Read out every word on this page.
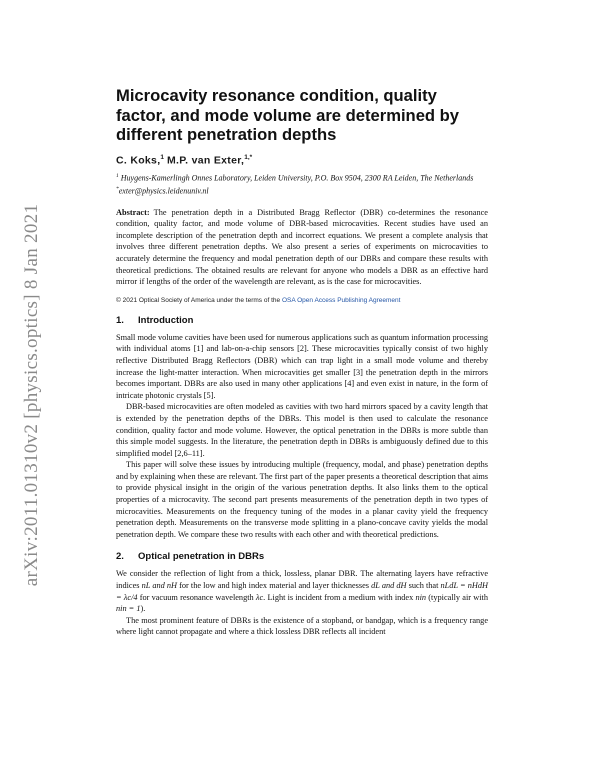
arXiv:2011.01310v2 [physics.optics] 8 Jan 2021
Microcavity resonance condition, quality factor, and mode volume are determined by different penetration depths
C. Koks,$^1$ M.P. van Exter,$^{1,*}$
$^1$ Huygens-Kamerlingh Onnes Laboratory, Leiden University, P.O. Box 9504, 2300 RA Leiden, The Netherlands
*exter@physics.leidenuniv.nl

Abstract: The penetration depth in a Distributed Bragg Reflector (DBR) co-determines the resonance condition, quality factor, and mode volume of DBR-based microcavities. Recent studies have used an incomplete description of the penetration depth and incorrect equations. We present a complete analysis that involves three different penetration depths. We also present a series of experiments on microcavities to accurately determine the frequency and modal penetration depth of our DBRs and compare these results with theoretical predictions. The obtained results are relevant for anyone who models a DBR as an effective hard mirror if lengths of the order of the wavelength are relevant, as is the case for microcavities.

© 2021 Optical Society of America under the terms of the OSA Open Access Publishing Agreement
1. Introduction

Small mode volume cavities have been used for numerous applications such as quantum information processing with individual atoms [1] and lab-on-a-chip sensors [2]. These microcavities typically consist of two highly reflective Distributed Bragg Reflectors (DBR) which can trap light in a small mode volume and thereby increase the light-matter interaction. When microcavities get smaller [3] the penetration depth in the mirrors becomes important. DBRs are also used in many other applications [4] and even exist in nature, in the form of intricate photonic crystals [5].

DBR-based microcavities are often modeled as cavities with two hard mirrors spaced by a cavity length that is extended by the penetration depths of the DBRs. This model is then used to calculate the resonance condition, quality factor and mode volume. However, the optical penetration in the DBRs is more subtle than this simple model suggests. In the literature, the penetration depth in DBRs is ambiguously defined due to this simplified model [2,6–11].

This paper will solve these issues by introducing multiple (frequency, modal, and phase) penetration depths and by explaining when these are relevant. The first part of the paper presents a theoretical description that aims to provide physical insight in the origin of the various penetration depths. It also links them to the optical properties of a microcavity. The second part presents measurements of the penetration depth in two types of microcavities. Measurements on the frequency tuning of the modes in a planar cavity yield the frequency penetration depth. Measurements on the transverse mode splitting in a plano-concave cavity yields the modal penetration depth. We compare these two results with each other and with theoretical predictions.

2. Optical penetration in DBRs

We consider the reflection of light from a thick, lossless, planar DBR. The alternating layers have refractive indices nL and nH for the low and high index material and layer thicknesses dL and dH such that nLdL = nHdH = λc/4 for vacuum resonance wavelength λc. Light is incident from a medium with index nin (typically air with nin = 1).

The most prominent feature of DBRs is the existence of a stopband, or bandgap, which is a frequency range where light cannot propagate and where a thick lossless DBR reflects all incident
